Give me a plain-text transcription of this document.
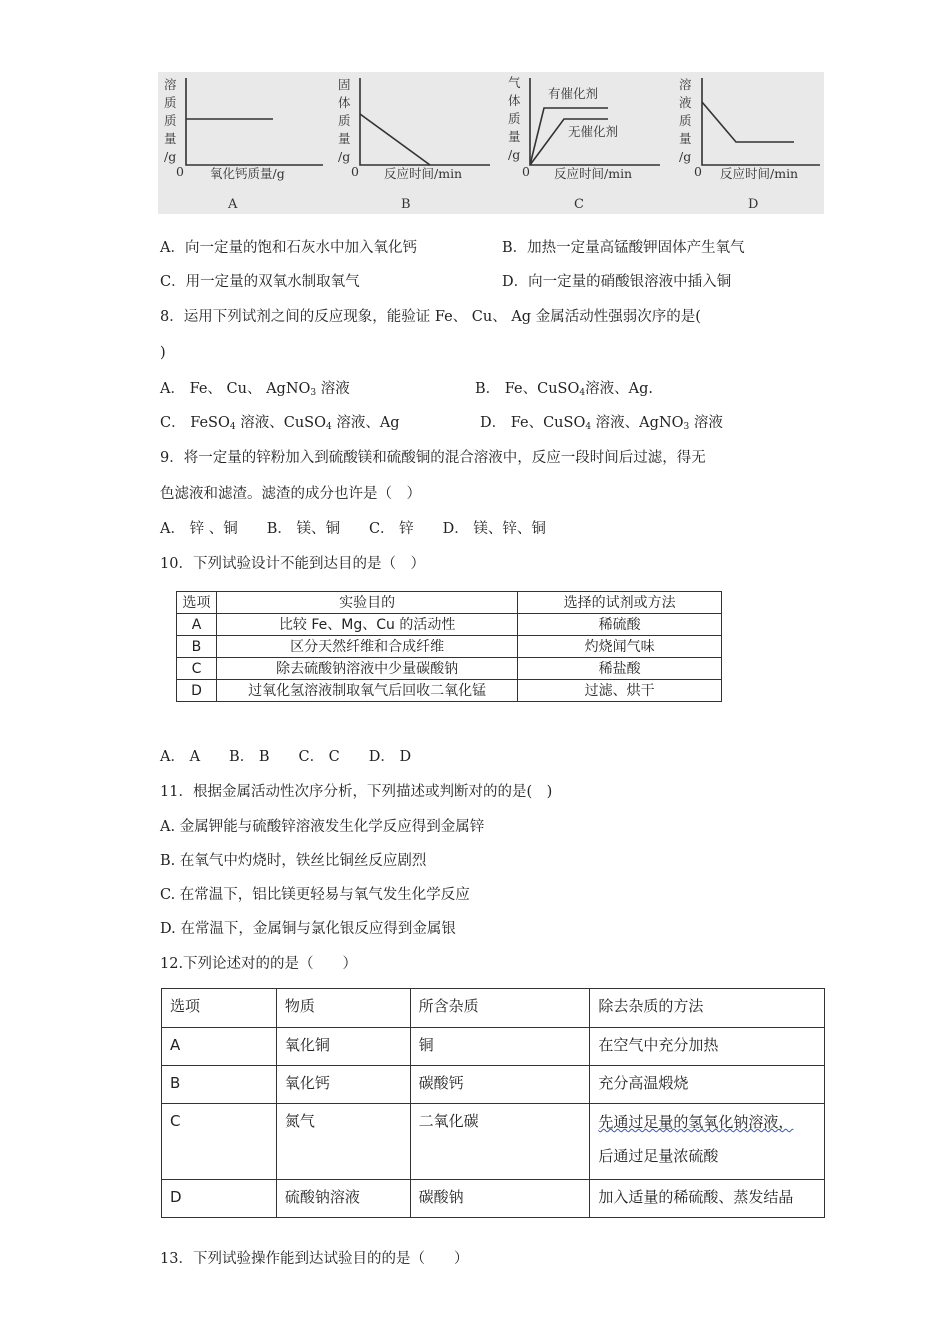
溶
质
质
量
/g
0 氧化钙质量/g
A
固
体
质
量
/g
0 反应时间/min
B
气
体
质
量
/g
有催化剂
无催化剂
0 反应时间/min
C
溶
液
质
量
/g
0 反应时间/min
D
A．向一定量的饱和石灰水中加入氧化钙	B．加热一定量高锰酸钾固体产生氧气
C．用一定量的双氧水制取氧气	D．向一定量的硝酸银溶液中插入铜
8．运用下列试剂之间的反应现象，能验证 Fe、 Cu、 Ag 金属活动性强弱次序的是(
)
A． Fe、 Cu、 AgNO$_3$ 溶液	B． Fe、CuSO$_4$溶液、Ag.
C． FeSO$_4$ 溶液、CuSO$_4$ 溶液、Ag	D． Fe、CuSO$_4$ 溶液、AgNO$_3$ 溶液
9．将一定量的锌粉加入到硫酸镁和硫酸铜的混合溶液中，反应一段时间后过滤，得无
色滤液和滤渣。滤渣的成分也许是（　）
A． 锌 、铜　　B． 镁、铜　　C． 锌　　D． 镁、锌、铜
10．下列试验设计不能到达目的是（　）
选项	实验目的	选择的试剂或方法
A	比较 Fe、Mg、Cu 的活动性	稀硫酸
B	区分天然纤维和合成纤维	灼烧闻气味
C	除去硫酸钠溶液中少量碳酸钠	稀盐酸
D	过氧化氢溶液制取氧气后回收二氧化锰	过滤、烘干
A． A　　B． B　　C． C　　D． D
11．根据金属活动性次序分析，下列描述或判断对的的是(　)
A. 金属钾能与硫酸锌溶液发生化学反应得到金属锌
B. 在氧气中灼烧时，铁丝比铜丝反应剧烈
C. 在常温下，铝比镁更轻易与氧气发生化学反应
D. 在常温下，金属铜与氯化银反应得到金属银
12.下列论述对的的是（　　）
选项	物质	所含杂质	除去杂质的方法
A	氧化铜	铜	在空气中充分加热
B	氧化钙	碳酸钙	充分高温煅烧
C	氮气	二氧化碳	先通过足量的氢氧化钠溶液，
后通过足量浓硫酸

D	硫酸钠溶液	碳酸钠	加入适量的稀硫酸、蒸发结晶
13．下列试验操作能到达试验目的的是（　　）
